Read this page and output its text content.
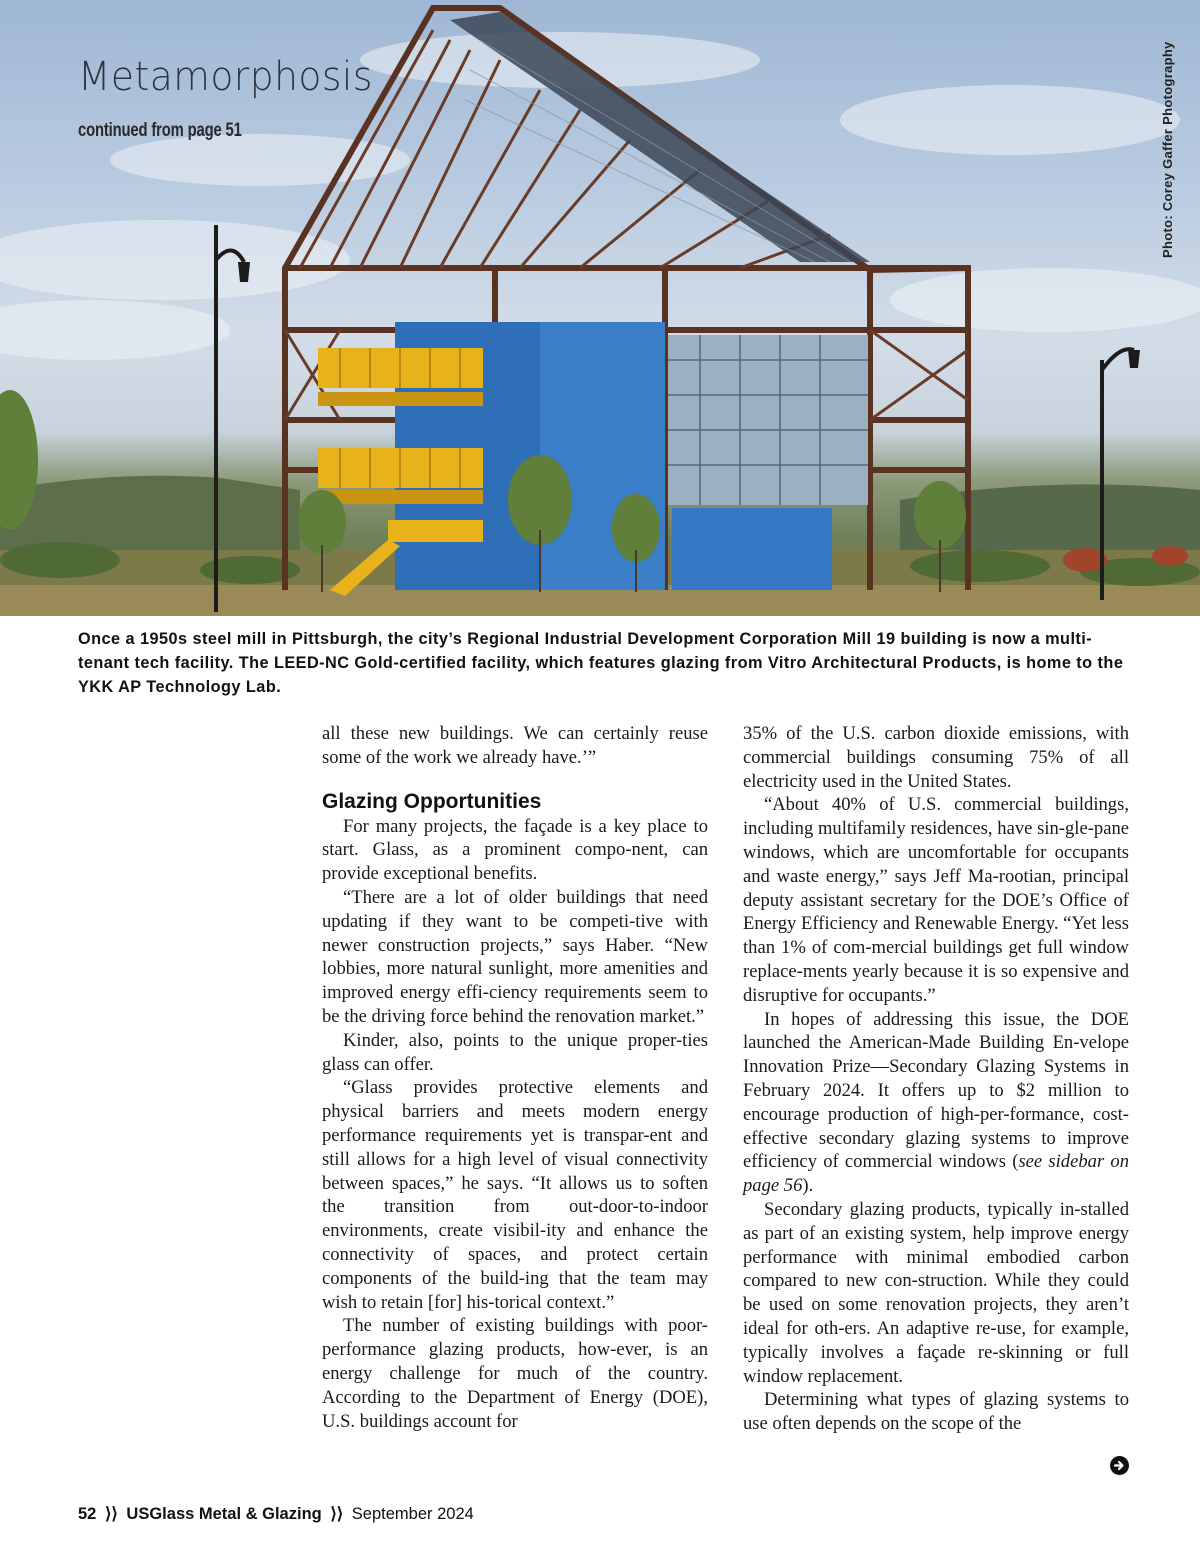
Metamorphosis
continued from page 51	Photo: Corey Gaffer Photography
Once a 1950s steel mill in Pittsburgh, the city’s Regional Industrial Development Corporation Mill 19 building is now a multi-tenant tech facility. The LEED-NC Gold-certified facility, which features glazing from Vitro Architectural Products, is home to the YKK AP Technology Lab.

all these new buildings. We can certainly reuse some of the work we already have.’”

Glazing Opportunities

For many projects, the façade is a key place to start. Glass, as a prominent compo-nent, can provide exceptional benefits.

“There are a lot of older buildings that need updating if they want to be competi-tive with newer construction projects,” says Haber. “New lobbies, more natural sunlight, more amenities and improved energy effi-ciency requirements seem to be the driving force behind the renovation market.”

Kinder, also, points to the unique proper-ties glass can offer.

“Glass provides protective elements and physical barriers and meets modern energy performance requirements yet is transpar-ent and still allows for a high level of visual connectivity between spaces,” he says. “It allows us to soften the transition from out-door-to-indoor environments, create visibil-ity and enhance the connectivity of spaces, and protect certain components of the build-ing that the team may wish to retain [for] his-torical context.”

The number of existing buildings with poor-performance glazing products, how-ever, is an energy challenge for much of the country. According to the Department of Energy (DOE), U.S. buildings account for

35% of the U.S. carbon dioxide emissions, with commercial buildings consuming 75% of all electricity used in the United States.

“About 40% of U.S. commercial buildings, including multifamily residences, have sin-gle-pane windows, which are uncomfortable for occupants and waste energy,” says Jeff Ma-rootian, principal deputy assistant secretary for the DOE’s Office of Energy Efficiency and Renewable Energy. “Yet less than 1% of com-mercial buildings get full window replace-ments yearly because it is so expensive and disruptive for occupants.”

In hopes of addressing this issue, the DOE launched the American-Made Building En-velope Innovation Prize—Secondary Glazing Systems in February 2024. It offers up to $2 million to encourage production of high-per-formance, cost-effective secondary glazing systems to improve efficiency of commercial windows (see sidebar on page 56).

Secondary glazing products, typically in-stalled as part of an existing system, help improve energy performance with minimal embodied carbon compared to new con-struction. While they could be used on some renovation projects, they aren’t ideal for oth-ers. An adaptive re-use, for example, typically involves a façade re-skinning or full window replacement.

Determining what types of glazing systems to use often depends on the scope of the

52 ⟩⟩ USGlass Metal & Glazing ⟩⟩ September 2024
